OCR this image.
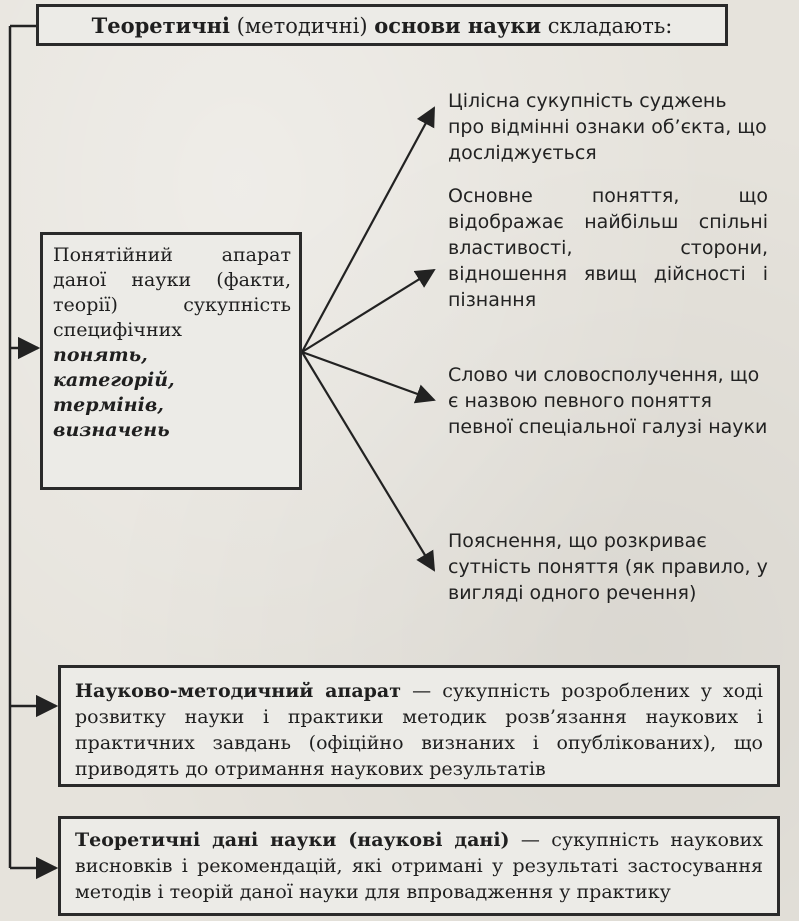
Теоретичні (методичні) основи науки складають:
Понятійний апарат даної науки (факти, теорії) сукупність специфічних
понять,
категорій,
термінів,
визначень
Цілісна сукупність суджень про відмінні ознаки об’єкта, що досліджується
Основне поняття, що відображає найбільш спільні властивості, сторони, відношення явищ дійсності і пізнання
Слово чи словосполучення, що є назвою певного поняття певної спеціальної галузі науки
Пояснення, що розкриває сутність поняття (як правило, у вигляді одного речення)
Науково-методичний апарат — сукупність розроблених у ході розвитку науки і практики методик розв’язання наукових і практичних завдань (офіційно визнаних і опублікованих), що приводять до отримання наукових результатів
Теоретичні дані науки (наукові дані) — сукупність наукових висновків і рекомендацій, які отримані у результаті застосування методів і теорій даної науки для впровадження у практику
